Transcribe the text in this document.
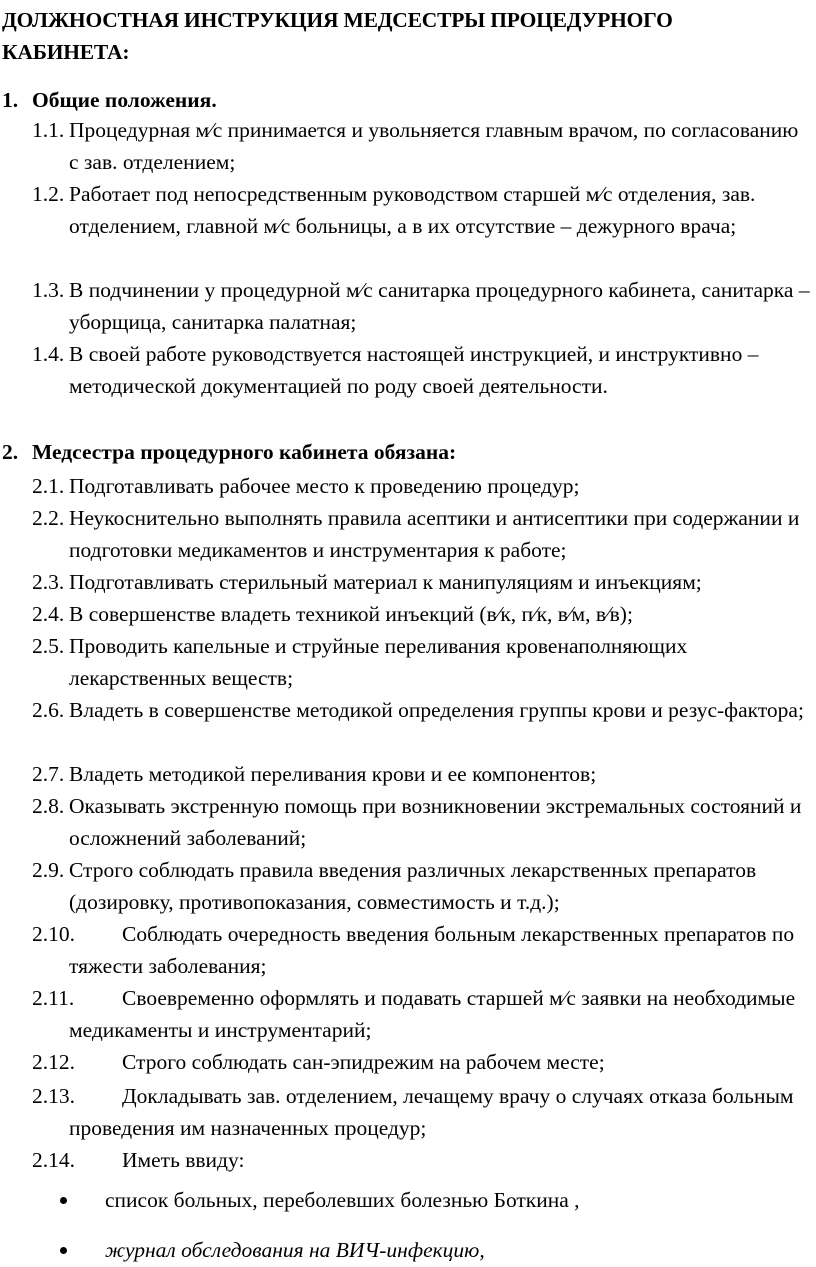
ДОЛЖНОСТНАЯ ИНСТРУКЦИЯ МЕДСЕСТРЫ ПРОЦЕДУРНОГО КАБИНЕТА:
1. Общие положения.
1.1. Процедурная м⁄с принимается и увольняется главным врачом, по согласованию с зав. отделением;
1.2. Работает под непосредственным руководством старшей м⁄с отделения, зав. отделением, главной м⁄с больницы, а в их отсутствие – дежурного врача;
1.3. В подчинении у процедурной м⁄с санитарка процедурного кабинета, санитарка – уборщица, санитарка палатная;
1.4. В своей работе руководствуется настоящей инструкцией, и инструктивно – методической документацией по роду своей деятельности.
2. Медсестра процедурного кабинета обязана:
2.1. Подготавливать рабочее место к проведению процедур;
2.2. Неукоснительно выполнять правила асептики и антисептики при содержании и подготовки медикаментов и инструментария к работе;
2.3. Подготавливать стерильный материал к манипуляциям и инъекциям;
2.4. В совершенстве владеть техникой инъекций (в⁄к, п⁄к, в⁄м, в⁄в);
2.5. Проводить капельные и струйные переливания кровенаполняющих лекарственных веществ;
2.6. Владеть в совершенстве методикой определения группы крови и резус-фактора;
2.7. Владеть методикой переливания крови и ее компонентов;
2.8. Оказывать экстренную помощь при возникновении экстремальных состояний и осложнений заболеваний;
2.9. Строго соблюдать правила введения различных лекарственных препаратов (дозировку, противопоказания, совместимость и т.д.);
2.10.	Соблюдать очередность введения больным лекарственных препаратов по тяжести заболевания;
2.11.	Своевременно оформлять и подавать старшей м⁄с заявки на необходимые медикаменты и инструментарий;
2.12.	Строго соблюдать сан-эпидрежим на рабочем месте;
2.13.	Докладывать зав. отделением, лечащему врачу о случаях отказа больным проведения им назначенных процедур;
2.14.	Иметь ввиду:
список больных, переболевших болезнью Боткина ,
журнал обследования на ВИЧ-инфекцию,
